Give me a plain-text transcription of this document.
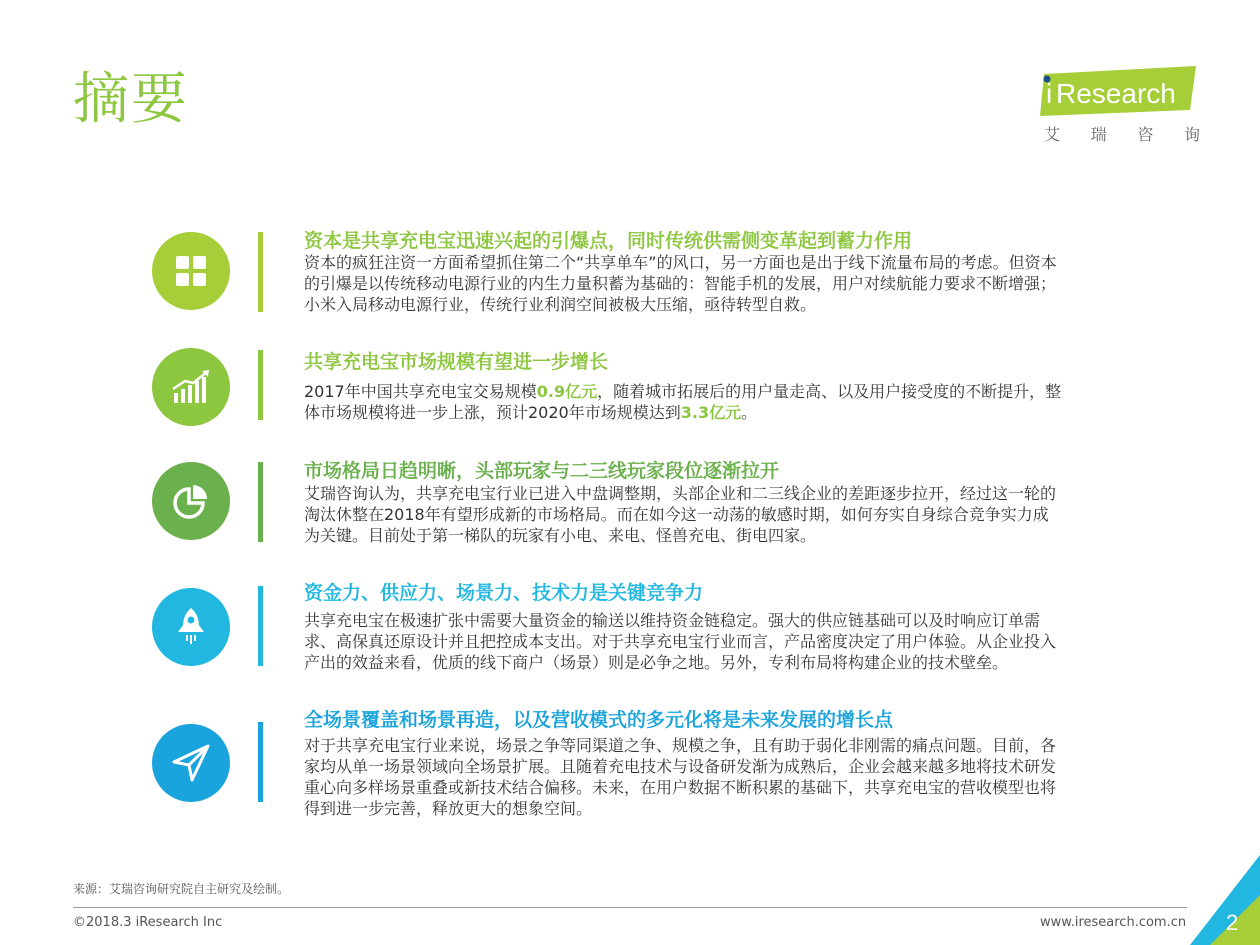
摘要	i Research
艾 瑞 咨 询
资本是共享充电宝迅速兴起的引爆点，同时传统供需侧变革起到蓄力作用
资本的疯狂注资一方面希望抓住第二个“共享单车”的风口，另一方面也是出于线下流量布局的考虑。但资本的引爆是以传统移动电源行业的内生力量积蓄为基础的：智能手机的发展，用户对续航能力要求不断增强；小米入局移动电源行业，传统行业利润空间被极大压缩，亟待转型自救。
共享充电宝市场规模有望进一步增长
2017年中国共享充电宝交易规模0.9亿元，随着城市拓展后的用户量走高、以及用户接受度的不断提升，整体市场规模将进一步上涨，预计2020年市场规模达到3.3亿元。
市场格局日趋明晰，头部玩家与二三线玩家段位逐渐拉开
艾瑞咨询认为，共享充电宝行业已进入中盘调整期，头部企业和二三线企业的差距逐步拉开，经过这一轮的淘汰休整在2018年有望形成新的市场格局。而在如今这一动荡的敏感时期，如何夯实自身综合竞争实力成为关键。目前处于第一梯队的玩家有小电、来电、怪兽充电、街电四家。
资金力、供应力、场景力、技术力是关键竞争力
共享充电宝在极速扩张中需要大量资金的输送以维持资金链稳定。强大的供应链基础可以及时响应订单需求、高保真还原设计并且把控成本支出。对于共享充电宝行业而言，产品密度决定了用户体验。从企业投入产出的效益来看，优质的线下商户（场景）则是必争之地。另外，专利布局将构建企业的技术壁垒。
全场景覆盖和场景再造，以及营收模式的多元化将是未来发展的增长点
对于共享充电宝行业来说，场景之争等同渠道之争、规模之争，且有助于弱化非刚需的痛点问题。目前，各家均从单一场景领域向全场景扩展。且随着充电技术与设备研发渐为成熟后，企业会越来越多地将技术研发重心向多样场景重叠或新技术结合偏移。未来，在用户数据不断积累的基础下，共享充电宝的营收模型也将得到进一步完善，释放更大的想象空间。
来源：艾瑞咨询研究院自主研究及绘制。
©2018.3 iResearch Inc	www.iresearch.com.cn 2
